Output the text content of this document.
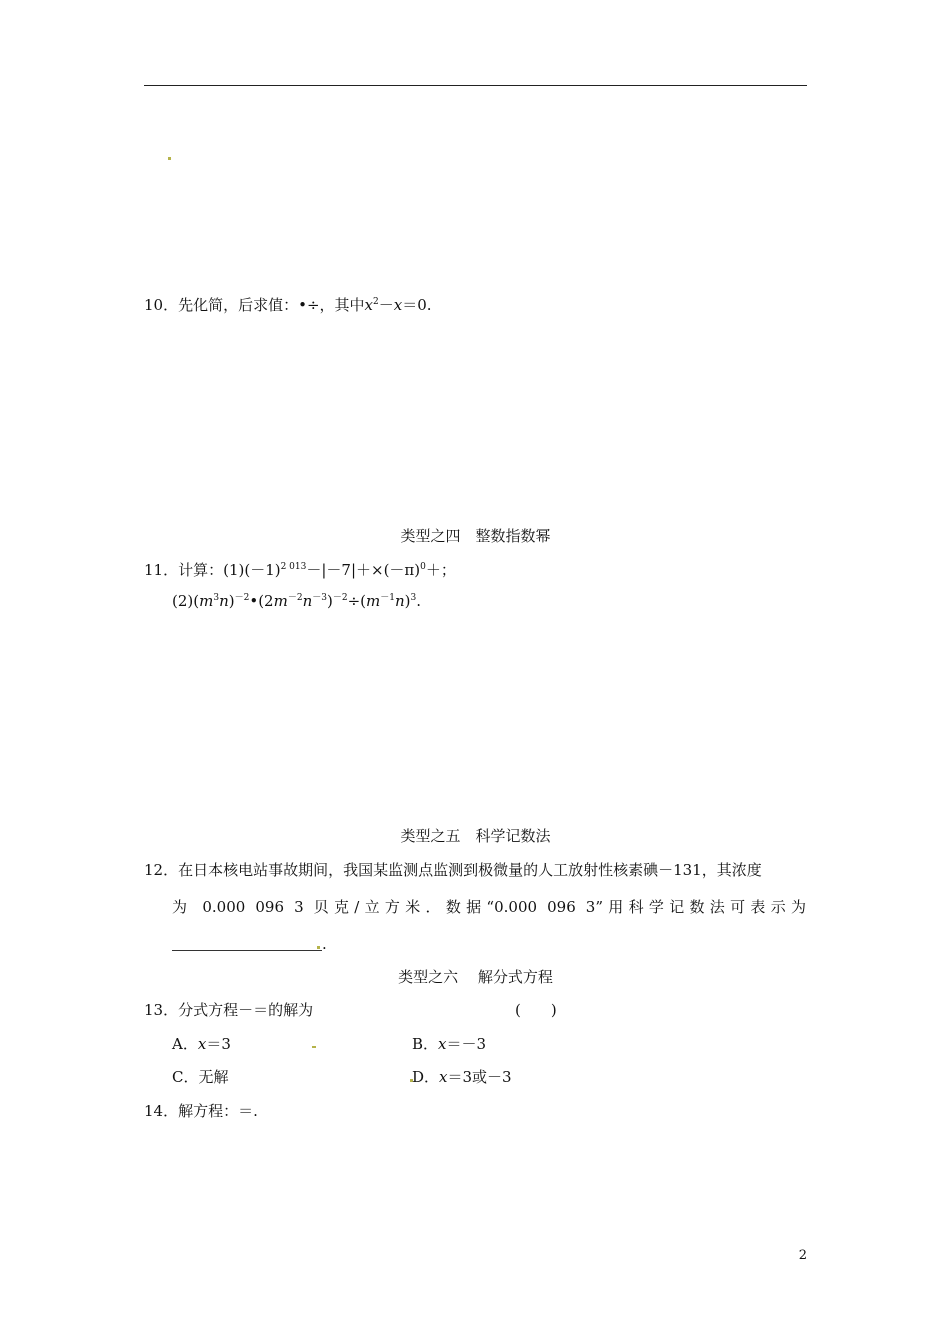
10．先化简，后求值：•÷，其中$x^2-x=0$.
类型之四　整数指数幂
11．计算：$(1)(-1)^{2 013}-|-7|+\times(-\pi)^0+$；
$(2)(m^3n)^{-2}•(2m^{-2}n^{-3})^{-2}\div(m^{-1}n)^3$.
类型之五　科学记数法
12．在日本核电站事故期间，我国某监测点监测到极微量的人工放射性核素碘－131，其浓度
为 0.000 096 3 贝克/立方米．数据“0.000 096 3”用科学记数法可表示为
.
类型之六　 解分式方程
13．分式方程－＝的解为	(　　)
A．x＝3	B．x＝－3
C．无解	D．x＝3或－3
14．解方程：＝.
2
